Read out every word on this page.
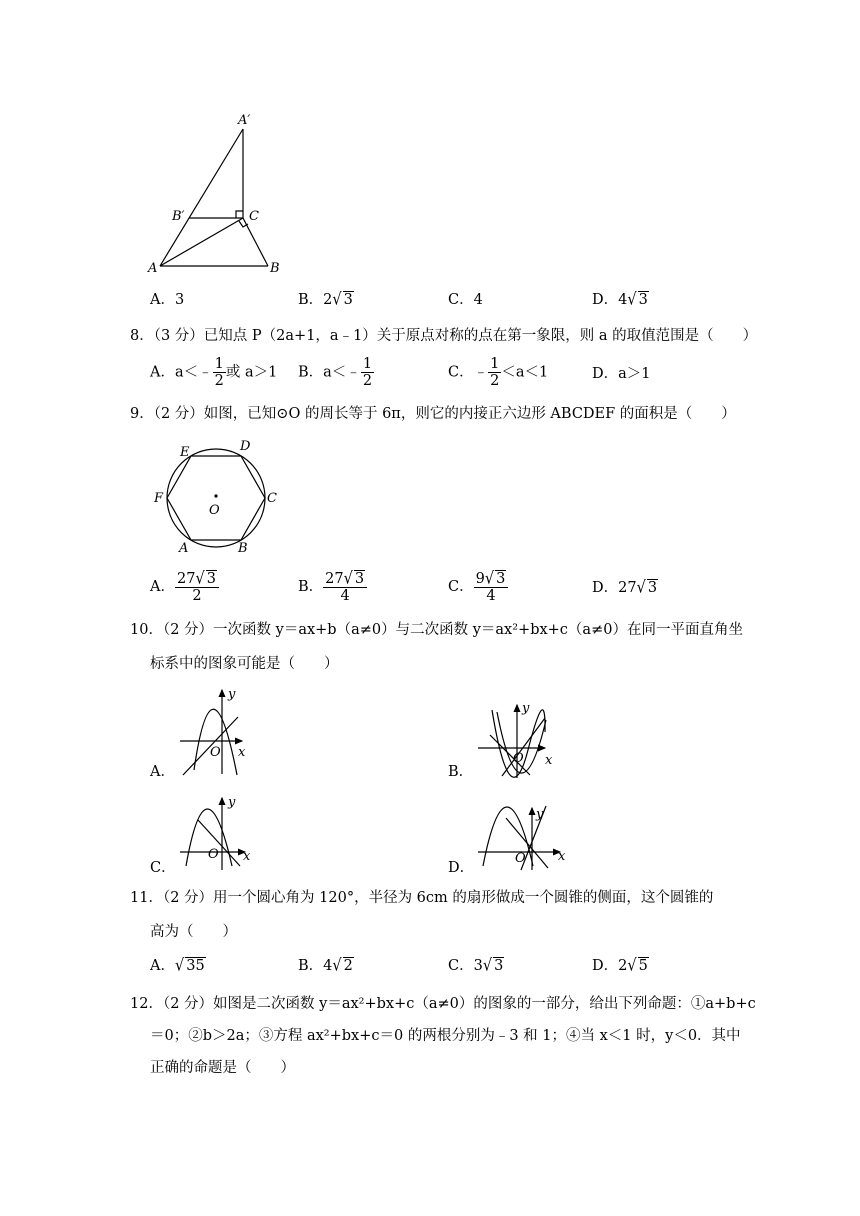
A′
B′	C
A	B
A．3	B．2√ 3	C．4	D．4√ 3
8．（3 分）已知点 P（2a+1，a﹣1）关于原点对称的点在第一象限，则 a 的取值范围是（　　）
A．a＜﹣ $\frac{1}{2}$ 或 a＞1 B．a＜﹣ $\frac{1}{2}$	C．﹣ $\frac{1}{2} <a<1$	D．a＞1
9．（2 分）如图，已知⊙O 的周长等于 6π，则它的内接正六边形 ABCDEF 的面积是（　　）
E	D
F	C
O
A	B
A． $\frac{27√ 3}{2}$	B． $\frac{27√ 3}{4}$	C． $\frac{9√ 3}{4}$	D．27√ 3
10．（2 分）一次函数 y＝ax+b（a≠0）与二次函数 y＝ax²+bx+c（a≠0）在同一平面直角坐
标系中的图象可能是（　　）
x
y
O
x
y
O
x
y
O	x
y
O
A．	B．
C．	D．
11．（2 分）用一个圆心角为 120°，半径为 6cm 的扇形做成一个圆锥的侧面，这个圆锥的
高为（　　）
A．√ 35	B．4√ 2	C．3√ 3	D．2√ 5
12．（2 分）如图是二次函数 y＝ax²+bx+c（a≠0）的图象的一部分，给出下列命题：①a+b+c
＝0；②b＞2a；③方程 ax²+bx+c＝0 的两根分别为﹣3 和 1；④当 x＜1 时，y＜0．其中
正确的命题是（　　）
